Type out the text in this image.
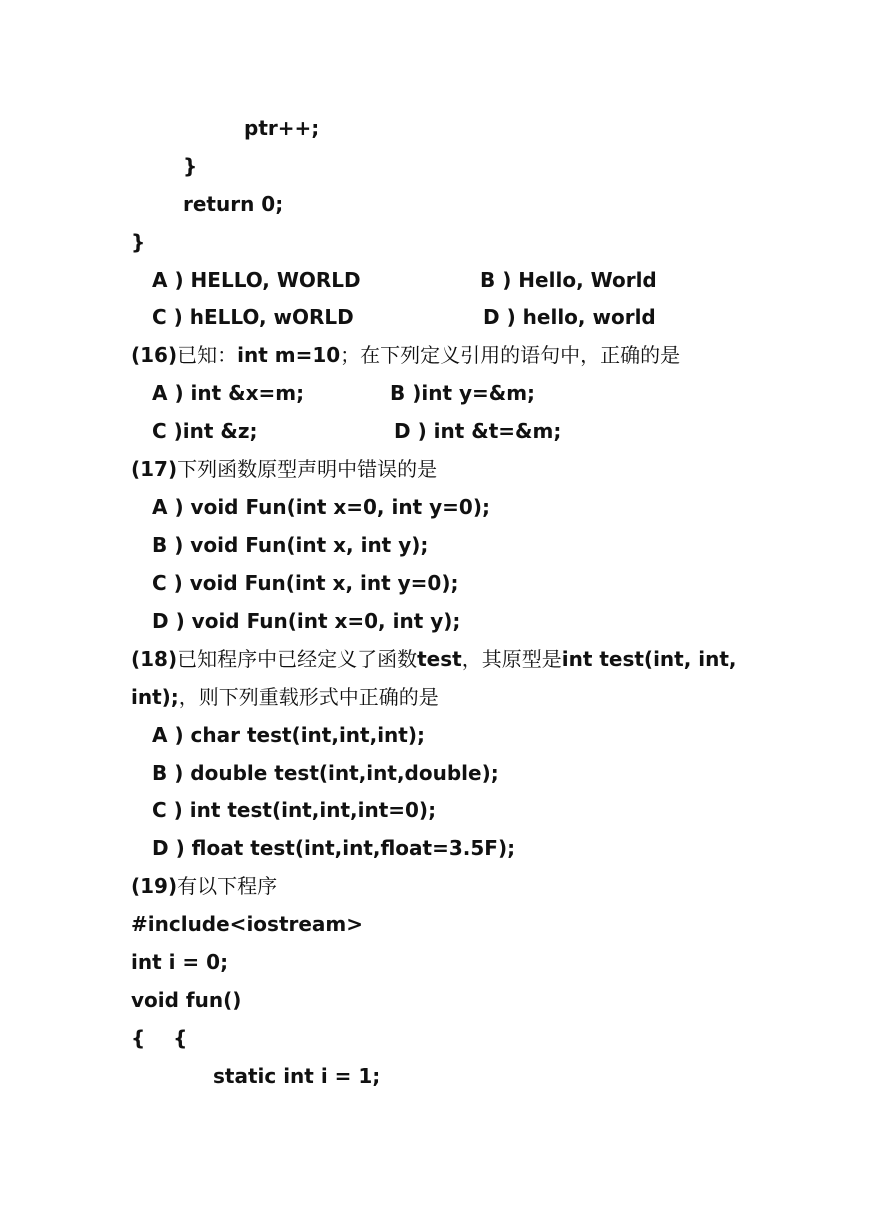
ptr++;
}
return 0;
}
A ) HELLO, WORLD	B ) Hello, World
C ) hELLO, wORLD	D ) hello, world
(16)已知：int m=10；在下列定义引用的语句中，正确的是
A ) int &x=m;	B )int y=&m;
C )int &z;	D ) int &t=&m;
(17)下列函数原型声明中错误的是
A ) void Fun(int x=0, int y=0);
B ) void Fun(int x, int y);
C ) void Fun(int x, int y=0);
D ) void Fun(int x=0, int y);
(18)已知程序中已经定义了函数test，其原型是int test(int, int,
int);，则下列重载形式中正确的是
A ) char test(int,int,int);
B ) double test(int,int,double);
C ) int test(int,int,int=0);
D ) float test(int,int,float=3.5F);
(19)有以下程序
#include<iostream>
int i = 0;
void fun()
{    {
static int i = 1;
